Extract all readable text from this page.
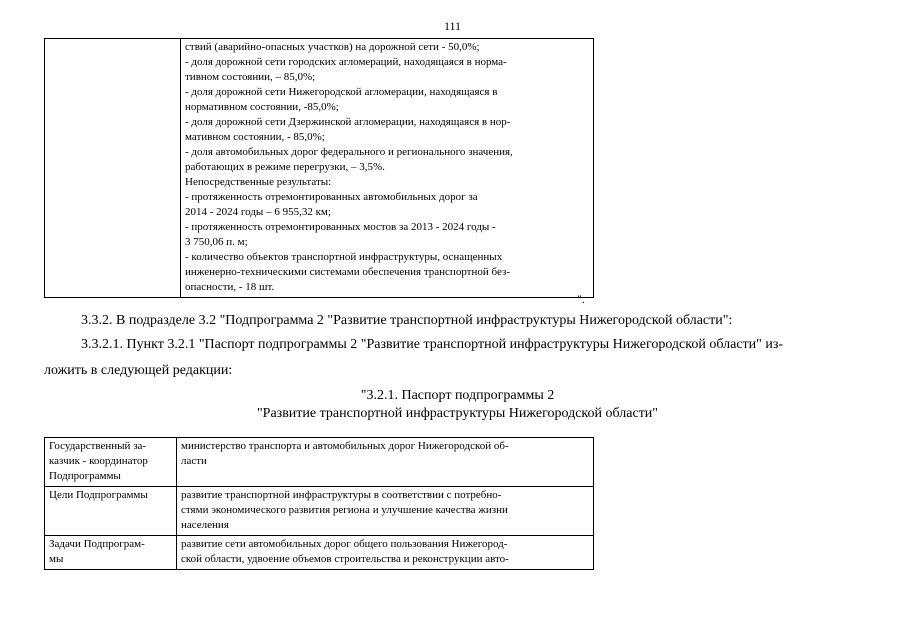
111

ствий (аварийно-опасных участков) на дорожной сети - 50,0%;
- доля дорожной сети городских агломераций, находящаяся в норма-
тивном состоянии, – 85,0%;
- доля дорожной сети Нижегородской агломерации, находящаяся в
нормативном состоянии, -85,0%;
- доля дорожной сети Дзержинской агломерации, находящаяся в нор-
мативном состоянии, - 85,0%;
- доля автомобильных дорог федерального и регионального значения,
работающих в режиме перегрузки, – 3,5%.
Непосредственные результаты:
- протяженность отремонтированных автомобильных дорог за
2014 - 2024 годы – 6 955,32 км;
- протяженность отремонтированных мостов за 2013 - 2024 годы -
3 750,06 п. м;
- количество объектов транспортной инфраструктуры, оснащенных
инженерно-техническими системами обеспечения транспортной без-
опасности, - 18 шт.
".
3.3.2. В подразделе 3.2 "Подпрограмма 2 "Развитие транспортной инфраструктуры Нижегородской области":
3.3.2.1. Пункт 3.2.1 "Паспорт подпрограммы 2 "Развитие транспортной инфраструктуры Нижегородской области" из-
ложить в следующей редакции:
"3.2.1. Паспорт подпрограммы 2
"Развитие транспортной инфраструктуры Нижегородской области"
Государственный за-
казчик - координатор
Подпрограммы	министерство транспорта и автомобильных дорог Нижегородской об-
ласти

Цели Подпрограммы	развитие транспортной инфраструктуры в соответствии с потребно-
стями экономического развития региона и улучшение качества жизни
населения

Задачи Подпрограм-
мы	развитие сети автомобильных дорог общего пользования Нижегород-
ской области, удвоение объемов строительства и реконструкции авто-
